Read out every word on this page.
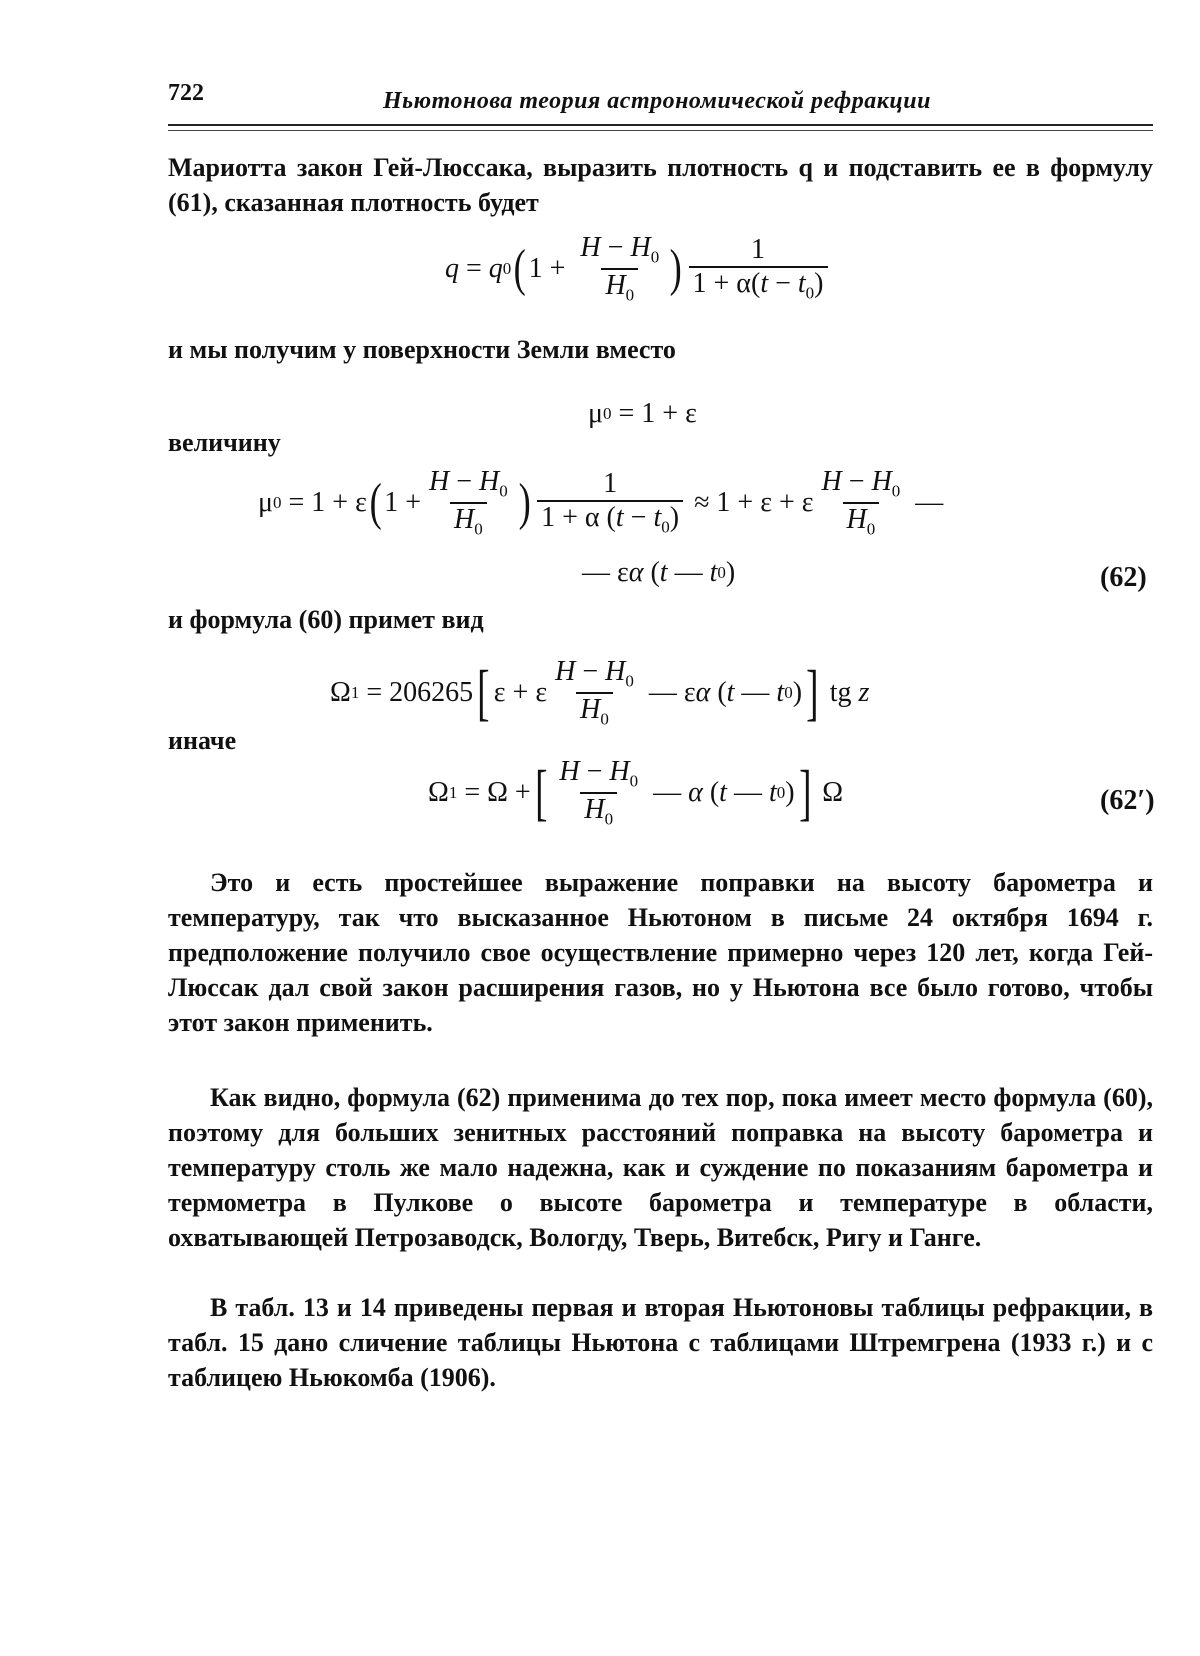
722	Ньютонова теория астрономической рефракции
Мариотта закон Гей-Люссака, выразить плотность q и подставить ее в формулу (61), сказанная плотность будет
q = q 0 ( $1 + \frac{H - H_0}{H_0}$ ) $\frac{1}{1 + \alpha(t - t_0)}$
и мы получим у поверхности Земли вместо
μ 0 = 1 + ε
величину
μ 0 = 1 + ε ( $1 + \frac{H - H_0}{H_0}$ ) $\frac{1}{1 + \alpha (t - t_0)} \approx 1 + \varepsilon + \varepsilon \frac{H - H_0}{H_0}$ —
— ε α ( t — t 0 )	(62)
и формула (60) примет вид
Ω 1 = 206265 [ ε + ε $\frac{H - H_0}{H_0}$ — ε α ( t — t 0 ) ] tg z
иначе
Ω 1 = Ω + [ $\frac{H - H_0}{H_0}$ — α ( t — t 0 ) ] Ω	(62′)
Это и есть простейшее выражение поправки на высоту барометра и температуру, так что высказанное Ньютоном в письме 24 октября 1694 г. предположение получило свое осуществление примерно через 120 лет, когда Гей-Люссак дал свой закон расширения газов, но у Ньютона все было готово, чтобы этот закон применить.
Как видно, формула (62) применима до тех пор, пока имеет место формула (60), поэтому для больших зенитных расстояний поправка на высоту барометра и температуру столь же мало надежна, как и суждение по показаниям барометра и термометра в Пулкове о высоте барометра и температуре в области, охватывающей Петрозаводск, Вологду, Тверь, Витебск, Ригу и Ганге.
В табл. 13 и 14 приведены первая и вторая Ньютоновы таблицы рефракции, в табл. 15 дано сличение таблицы Ньютона с таблицами Штремгрена (1933 г.) и с таблицею Ньюкомба (1906).
